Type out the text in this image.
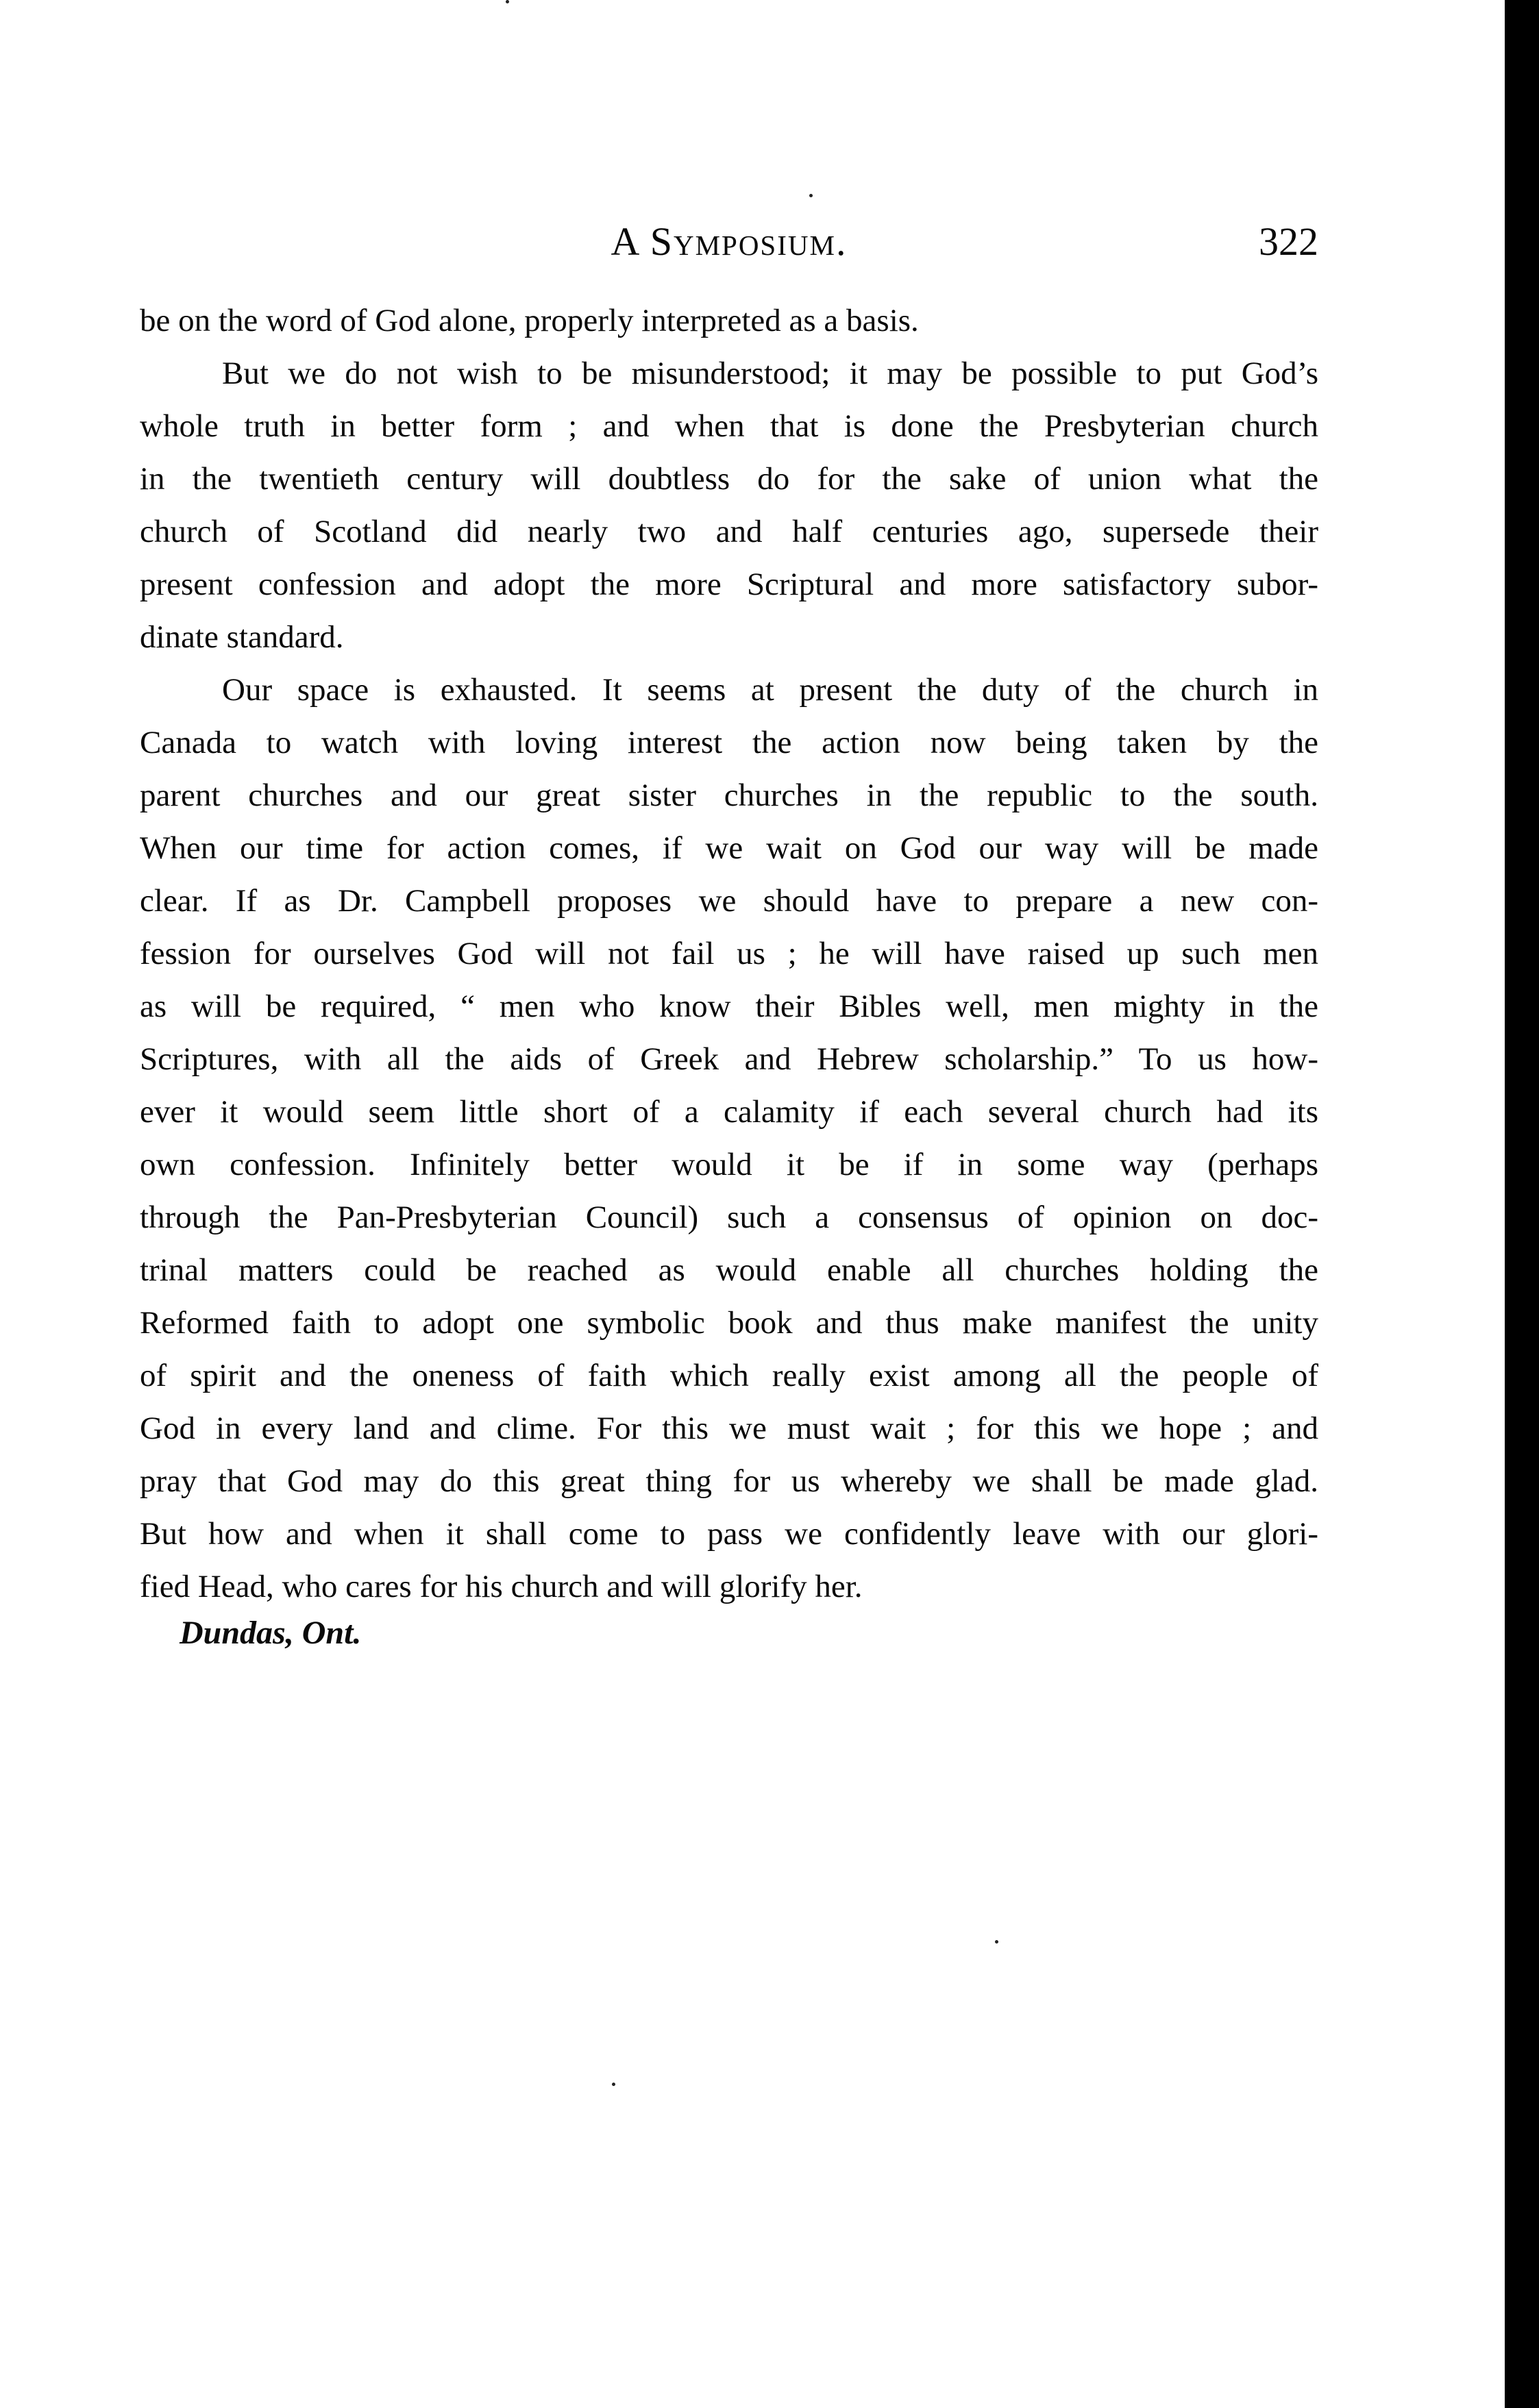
A Symposium.	322
be on the word of God alone, properly interpreted as a basis.
But we do not wish to be misunderstood; it may be possible to put God’s
whole truth in better form ; and when that is done the Presbyterian church
in the twentieth century will doubtless do for the sake of union what the
church of Scotland did nearly two and half centuries ago, supersede their
present confession and adopt the more Scriptural and more satisfactory subor-
dinate standard.
Our space is exhausted. It seems at present the duty of the church in
Canada to watch with loving interest the action now being taken by the
parent churches and our great sister churches in the republic to the south.
When our time for action comes, if we wait on God our way will be made
clear. If as Dr. Campbell proposes we should have to prepare a new con-
fession for ourselves God will not fail us ; he will have raised up such men
as will be required, “ men who know their Bibles well, men mighty in the
Scriptures, with all the aids of Greek and Hebrew scholarship.” To us how-
ever it would seem little short of a calamity if each several church had its
own confession. Infinitely better would it be if in some way (perhaps
through the Pan-Presbyterian Council) such a consensus of opinion on doc-
trinal matters could be reached as would enable all churches holding the
Reformed faith to adopt one symbolic book and thus make manifest the unity
of spirit and the oneness of faith which really exist among all the people of
God in every land and clime. For this we must wait ; for this we hope ; and
pray that God may do this great thing for us whereby we shall be made glad.
But how and when it shall come to pass we confidently leave with our glori-
fied Head, who cares for his church and will glorify her.
Dundas, Ont.
